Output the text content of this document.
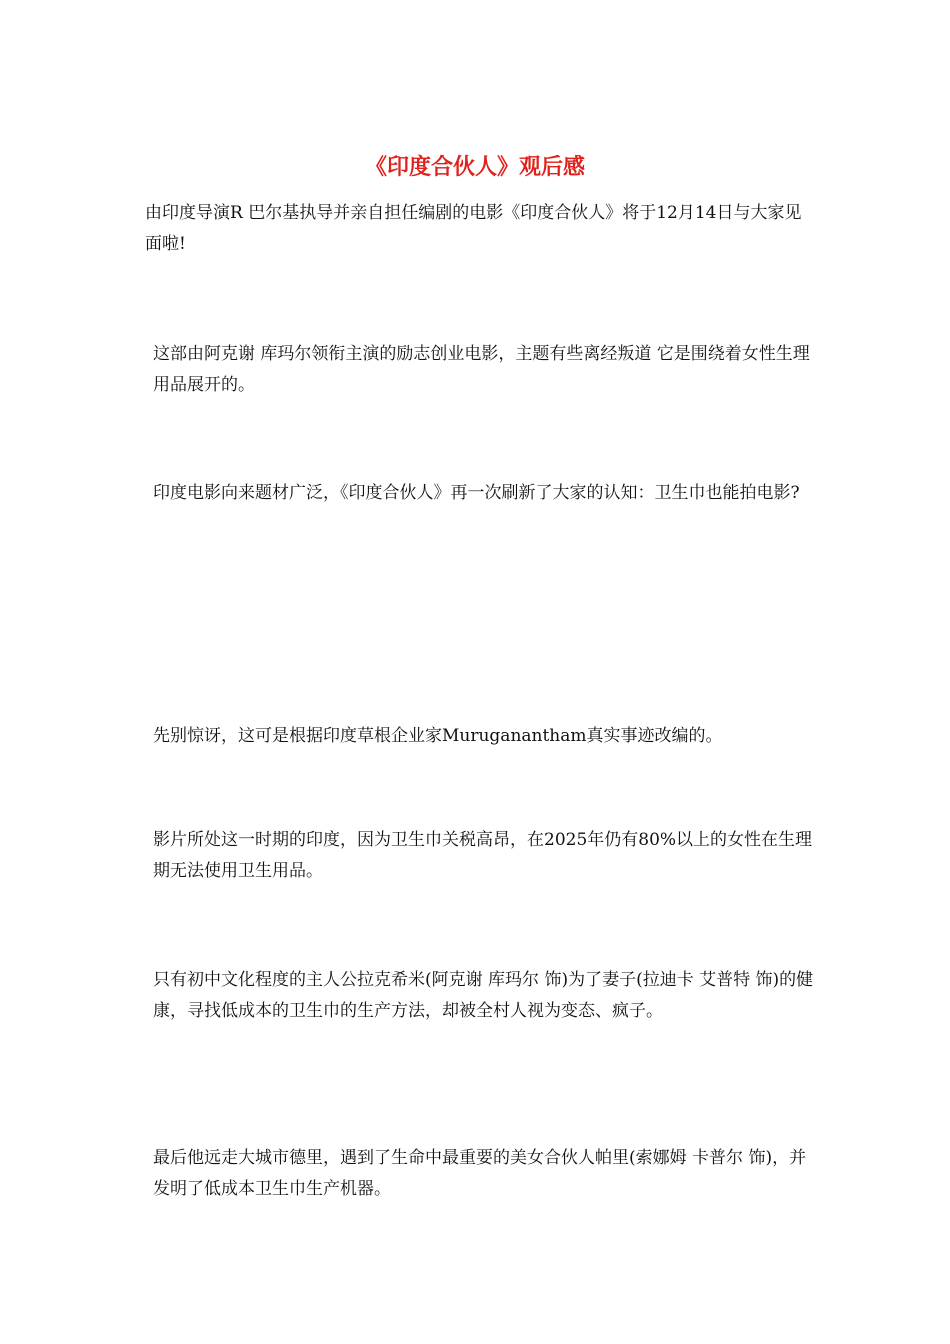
《印度合伙人》观后感

由印度导演R 巴尔基执导并亲自担任编剧的电影《印度合伙人》将于12月14日与大家见面啦!

这部由阿克谢 库玛尔领衔主演的励志创业电影，主题有些离经叛道 它是围绕着女性生理用品展开的。

印度电影向来题材广泛，《印度合伙人》再一次刷新了大家的认知：卫生巾也能拍电影?

先别惊讶，这可是根据印度草根企业家Muruganantham真实事迹改编的。

影片所处这一时期的印度，因为卫生巾关税高昂，在2025年仍有80%以上的女性在生理期无法使用卫生用品。

只有初中文化程度的主人公拉克希米(阿克谢 库玛尔 饰)为了妻子(拉迪卡 艾普特 饰)的健康，寻找低成本的卫生巾的生产方法，却被全村人视为变态、疯子。

最后他远走大城市德里，遇到了生命中最重要的美女合伙人帕里(索娜姆 卡普尔 饰)，并发明了低成本卫生巾生产机器。
